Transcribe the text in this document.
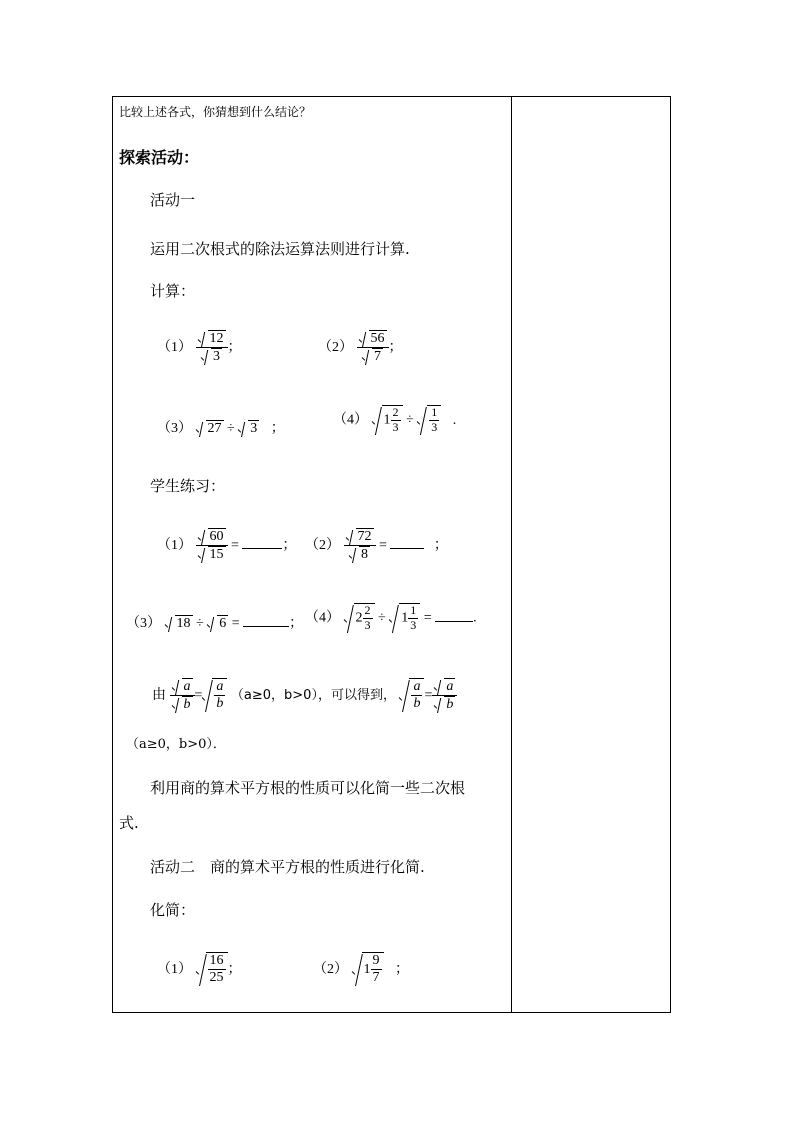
比较上述各式，你猜想到什么结论？
探索活动：
活动一
运用二次根式的除法运算法则进行计算.
计算：
$(1) \frac{12}{3}$ ；	$(2) \frac{56}{7}$ ；
（3） 27 ÷
3 ；
（4） $1 \frac{2}{3} \div \frac{1}{3}$ .
学生练习：
$(1) \frac{60}{15}$ =	； $(2) \frac{72}{8}$ =	；
（3） 18 ÷
6 =	； （4） $2 \frac{2}{3}$ ÷
$1 \frac{1}{3}$ =	.
由 $\frac{a}{b} = \frac{a}{b} (a\ge 0$，b>0），可以得到， $\frac{a}{b} = \frac{a}{b}$
（a≥0，b>0）．
利用商的算术平方根的性质可以化简一些二次根
式.
活动二　商的算术平方根的性质进行化简.
化简：
$(1) \frac{16}{25}$ ；	（2） $1 \frac{9}{7}$ ；
